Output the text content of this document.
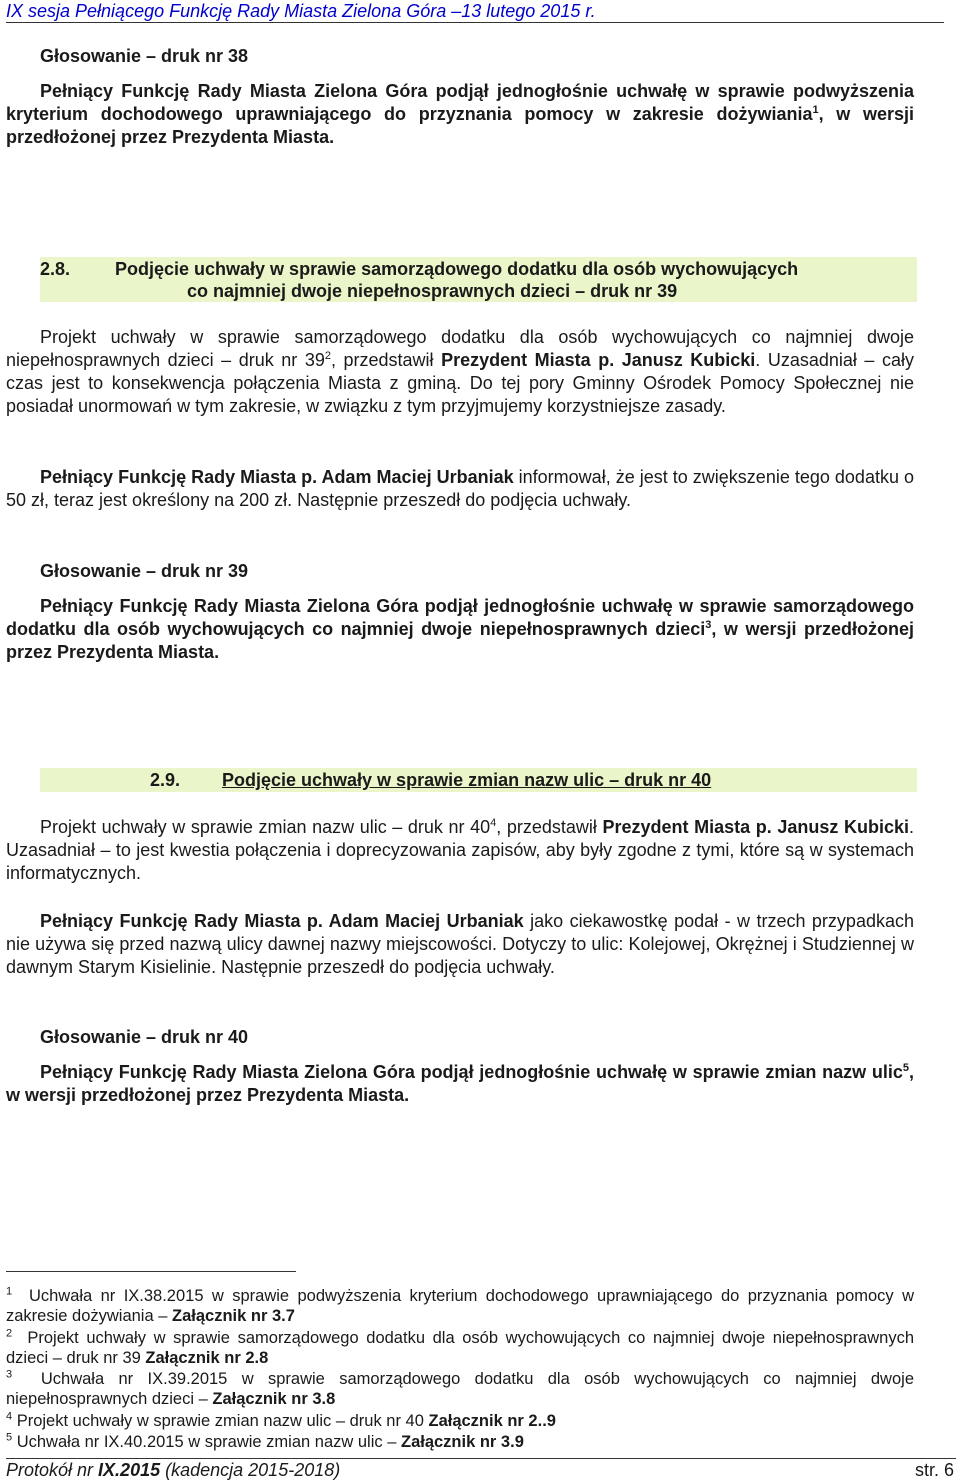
IX sesja Pełniącego Funkcję Rady Miasta Zielona Góra –13 lutego 2015 r.
Głosowanie – druk nr 38
Pełniący Funkcję Rady Miasta Zielona Góra podjął jednogłośnie uchwałę w sprawie podwyższenia kryterium dochodowego uprawniającego do przyznania pomocy w zakresie dożywiania$^1$, w wersji przedłożonej przez Prezydenta Miasta.
2.8. Podjęcie uchwały w sprawie samorządowego dodatku dla osób wychowujących
co najmniej dwoje niepełnosprawnych dzieci – druk nr 39
Projekt uchwały w sprawie samorządowego dodatku dla osób wychowujących co najmniej dwoje niepełnosprawnych dzieci – druk nr $39^2$, przedstawił Prezydent Miasta p. Janusz Kubicki. Uzasadniał – cały czas jest to konsekwencja połączenia Miasta z gminą. Do tej pory Gminny Ośrodek Pomocy Społecznej nie posiadał unormowań w tym zakresie, w związku z tym przyjmujemy korzystniejsze zasady.
Pełniący Funkcję Rady Miasta p. Adam Maciej Urbaniak informował, że jest to zwiększenie tego dodatku o 50 zł, teraz jest określony na 200 zł. Następnie przeszedł do podjęcia uchwały.
Głosowanie – druk nr 39
Pełniący Funkcję Rady Miasta Zielona Góra podjął jednogłośnie uchwałę w sprawie samorządowego dodatku dla osób wychowujących co najmniej dwoje niepełnosprawnych dzieci$^3$, w wersji przedłożonej przez Prezydenta Miasta.
2.9. Podjęcie uchwały w sprawie zmian nazw ulic – druk nr 40
Projekt uchwały w sprawie zmian nazw ulic – druk nr $40^4$, przedstawił Prezydent Miasta p. Janusz Kubicki. Uzasadniał – to jest kwestia połączenia i doprecyzowania zapisów, aby były zgodne z tymi, które są w systemach informatycznych.
Pełniący Funkcję Rady Miasta p. Adam Maciej Urbaniak jako ciekawostkę podał - w trzech przypadkach nie używa się przed nazwą ulicy dawnej nazwy miejscowości. Dotyczy to ulic: Kolejowej, Okrężnej i Studziennej w dawnym Starym Kisielinie. Następnie przeszedł do podjęcia uchwały.
Głosowanie – druk nr 40
Pełniący Funkcję Rady Miasta Zielona Góra podjął jednogłośnie uchwałę w sprawie zmian nazw ulic$^5$, w wersji przedłożonej przez Prezydenta Miasta.
$^1$ Uchwała nr IX.38.2015 w sprawie podwyższenia kryterium dochodowego uprawniającego do przyznania pomocy w zakresie dożywiania – Załącznik nr 3.7
$^2$ Projekt uchwały w sprawie samorządowego dodatku dla osób wychowujących co najmniej dwoje niepełnosprawnych dzieci – druk nr 39 Załącznik nr 2.8
$^3$ Uchwała nr IX.39.2015 w sprawie samorządowego dodatku dla osób wychowujących co najmniej dwoje niepełnosprawnych dzieci – Załącznik nr 3.8
$^4$ Projekt uchwały w sprawie zmian nazw ulic – druk nr 40 Załącznik nr 2..9
$^5$ Uchwała nr IX.40.2015 w sprawie zmian nazw ulic – Załącznik nr 3.9
Protokół nr IX.2015 (kadencja 2015-2018)	str. 6
